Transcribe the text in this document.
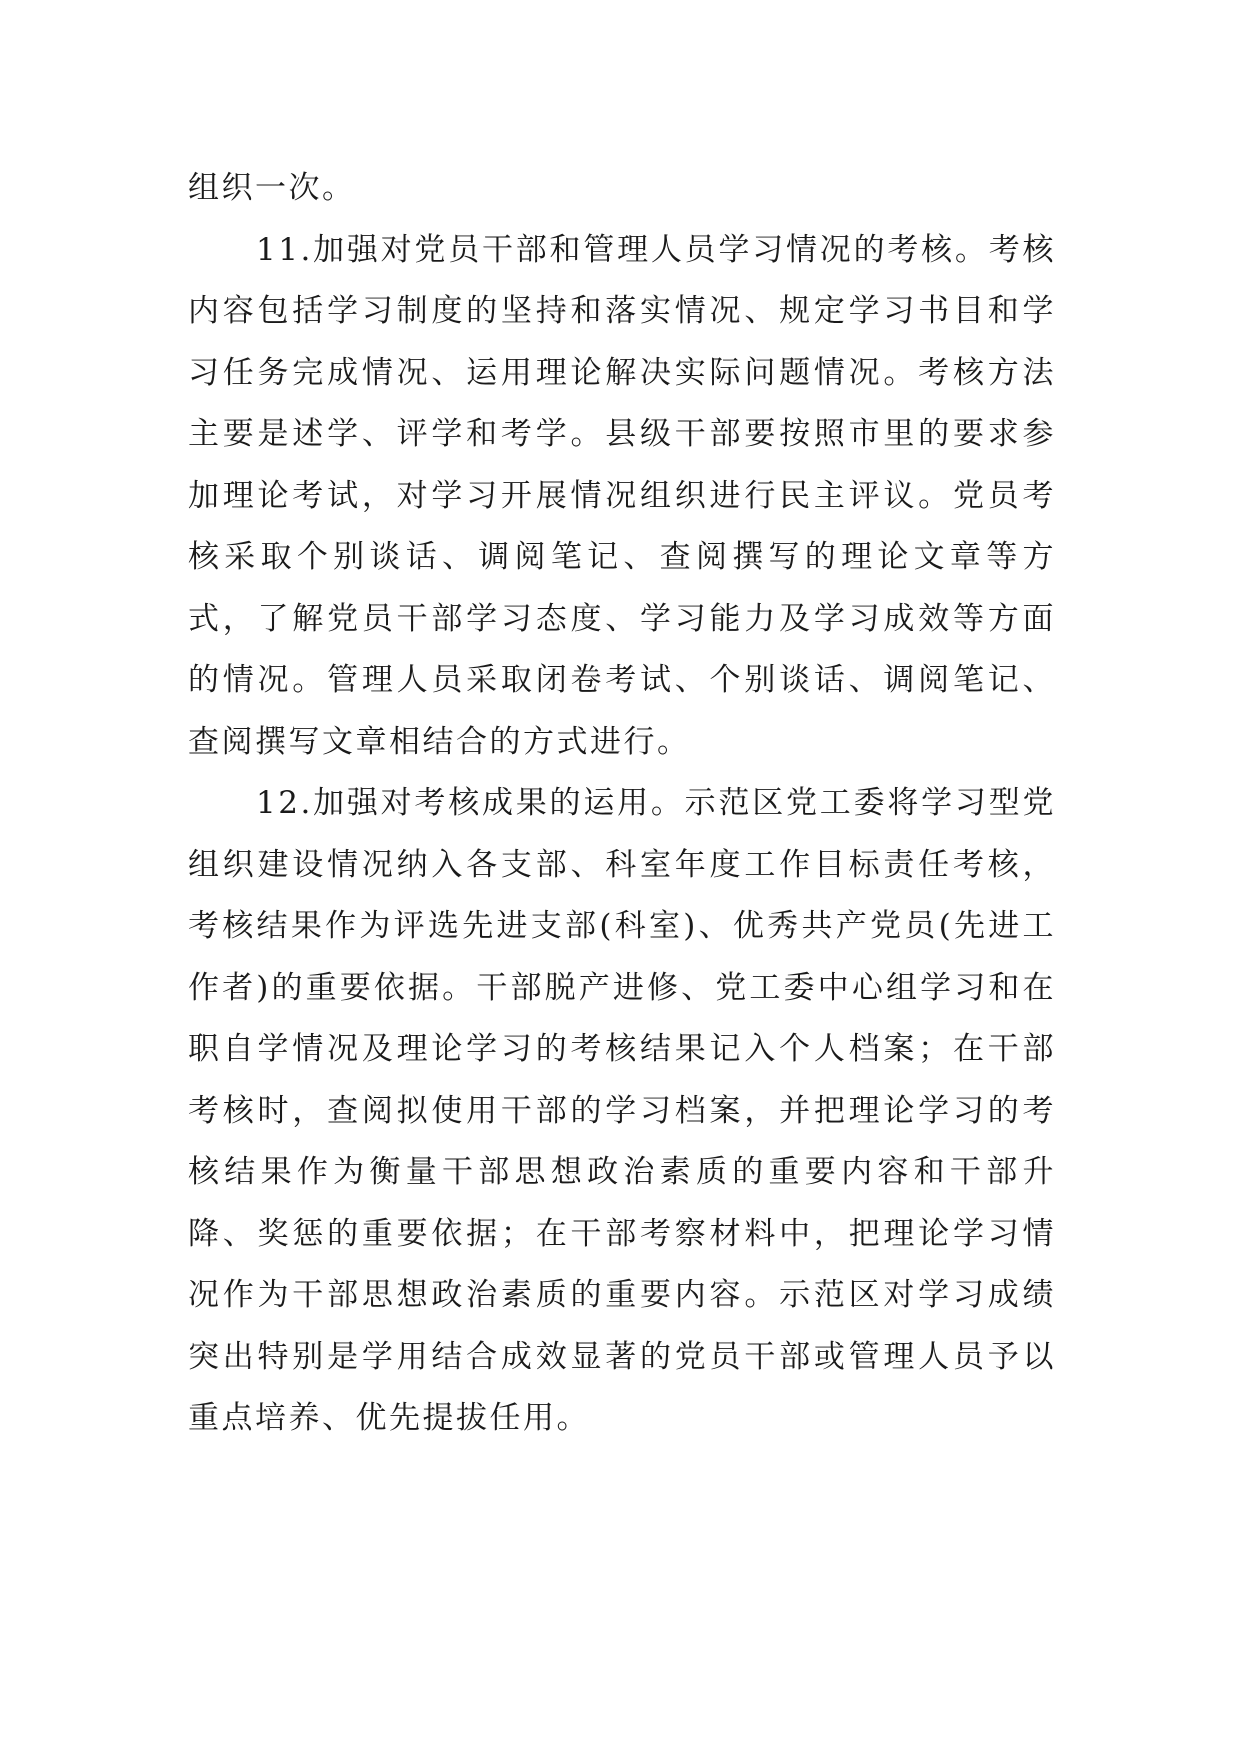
组织一次。

11.加强对党员干部和管理人员学习情况的考核。考核内容包括学习制度的坚持和落实情况、规定学习书目和学习任务完成情况、运用理论解决实际问题情况。考核方法主要是述学、评学和考学。县级干部要按照市里的要求参加理论考试，对学习开展情况组织进行民主评议。党员考核采取个别谈话、调阅笔记、查阅撰写的理论文章等方式，了解党员干部学习态度、学习能力及学习成效等方面的情况。管理人员采取闭卷考试、个别谈话、调阅笔记、查阅撰写文章相结合的方式进行。

12.加强对考核成果的运用。示范区党工委将学习型党组织建设情况纳入各支部、科室年度工作目标责任考核，考核结果作为评选先进支部(科室)、优秀共产党员(先进工作者)的重要依据。干部脱产进修、党工委中心组学习和在职自学情况及理论学习的考核结果记入个人档案；在干部考核时，查阅拟使用干部的学习档案，并把理论学习的考核结果作为衡量干部思想政治素质的重要内容和干部升降、奖惩的重要依据；在干部考察材料中，把理论学习情况作为干部思想政治素质的重要内容。示范区对学习成绩突出特别是学用结合成效显著的党员干部或管理人员予以重点培养、优先提拔任用。
